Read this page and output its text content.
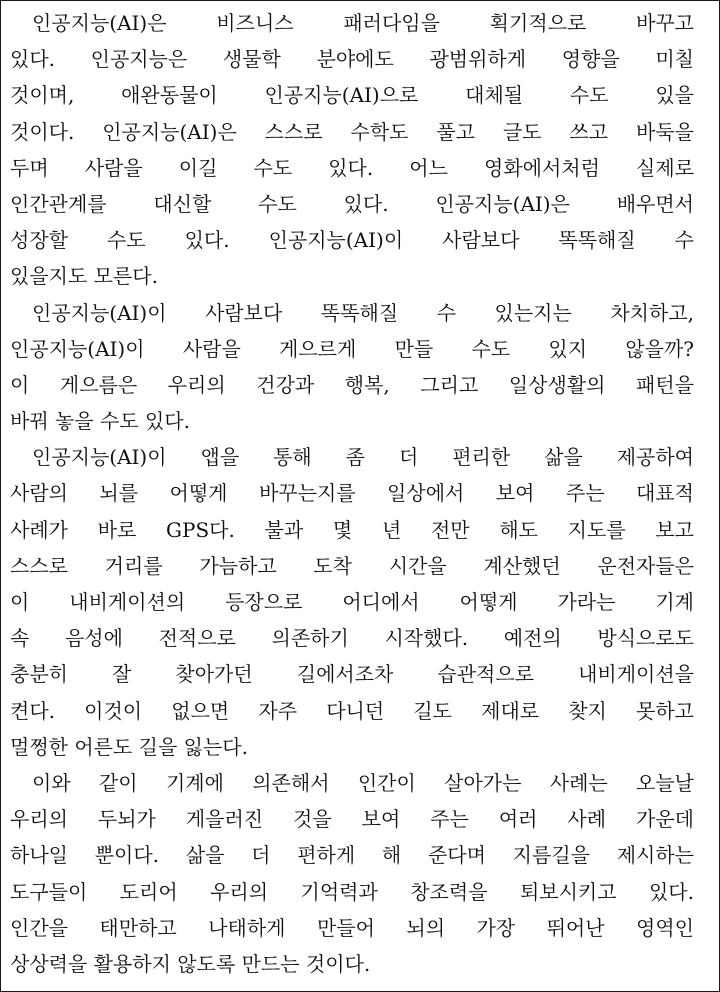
인공지능(AI)은 비즈니스 패러다임을 획기적으로 바꾸고
있다. 인공지능은 생물학 분야에도 광범위하게 영향을 미칠
것이며, 애완동물이 인공지능(AI)으로 대체될 수도 있을
것이다. 인공지능(AI)은 스스로 수학도 풀고 글도 쓰고 바둑을
두며 사람을 이길 수도 있다. 어느 영화에서처럼 실제로
인간관계를 대신할 수도 있다. 인공지능(AI)은 배우면서
성장할 수도 있다. 인공지능(AI)이 사람보다 똑똑해질 수
있을지도 모른다.
인공지능(AI)이 사람보다 똑똑해질 수 있는지는 차치하고,
인공지능(AI)이 사람을 게으르게 만들 수도 있지 않을까?
이 게으름은 우리의 건강과 행복, 그리고 일상생활의 패턴을
바꿔 놓을 수도 있다.
인공지능(AI)이 앱을 통해 좀 더 편리한 삶을 제공하여
사람의 뇌를 어떻게 바꾸는지를 일상에서 보여 주는 대표적
사례가 바로 GPS다. 불과 몇 년 전만 해도 지도를 보고
스스로 거리를 가늠하고 도착 시간을 계산했던 운전자들은
이 내비게이션의 등장으로 어디에서 어떻게 가라는 기계
속 음성에 전적으로 의존하기 시작했다. 예전의 방식으로도
충분히 잘 찾아가던 길에서조차 습관적으로 내비게이션을
켠다. 이것이 없으면 자주 다니던 길도 제대로 찾지 못하고
멀쩡한 어른도 길을 잃는다.
이와 같이 기계에 의존해서 인간이 살아가는 사례는 오늘날
우리의 두뇌가 게을러진 것을 보여 주는 여러 사례 가운데
하나일 뿐이다. 삶을 더 편하게 해 준다며 지름길을 제시하는
도구들이 도리어 우리의 기억력과 창조력을 퇴보시키고 있다.
인간을 태만하고 나태하게 만들어 뇌의 가장 뛰어난 영역인
상상력을 활용하지 않도록 만드는 것이다.
